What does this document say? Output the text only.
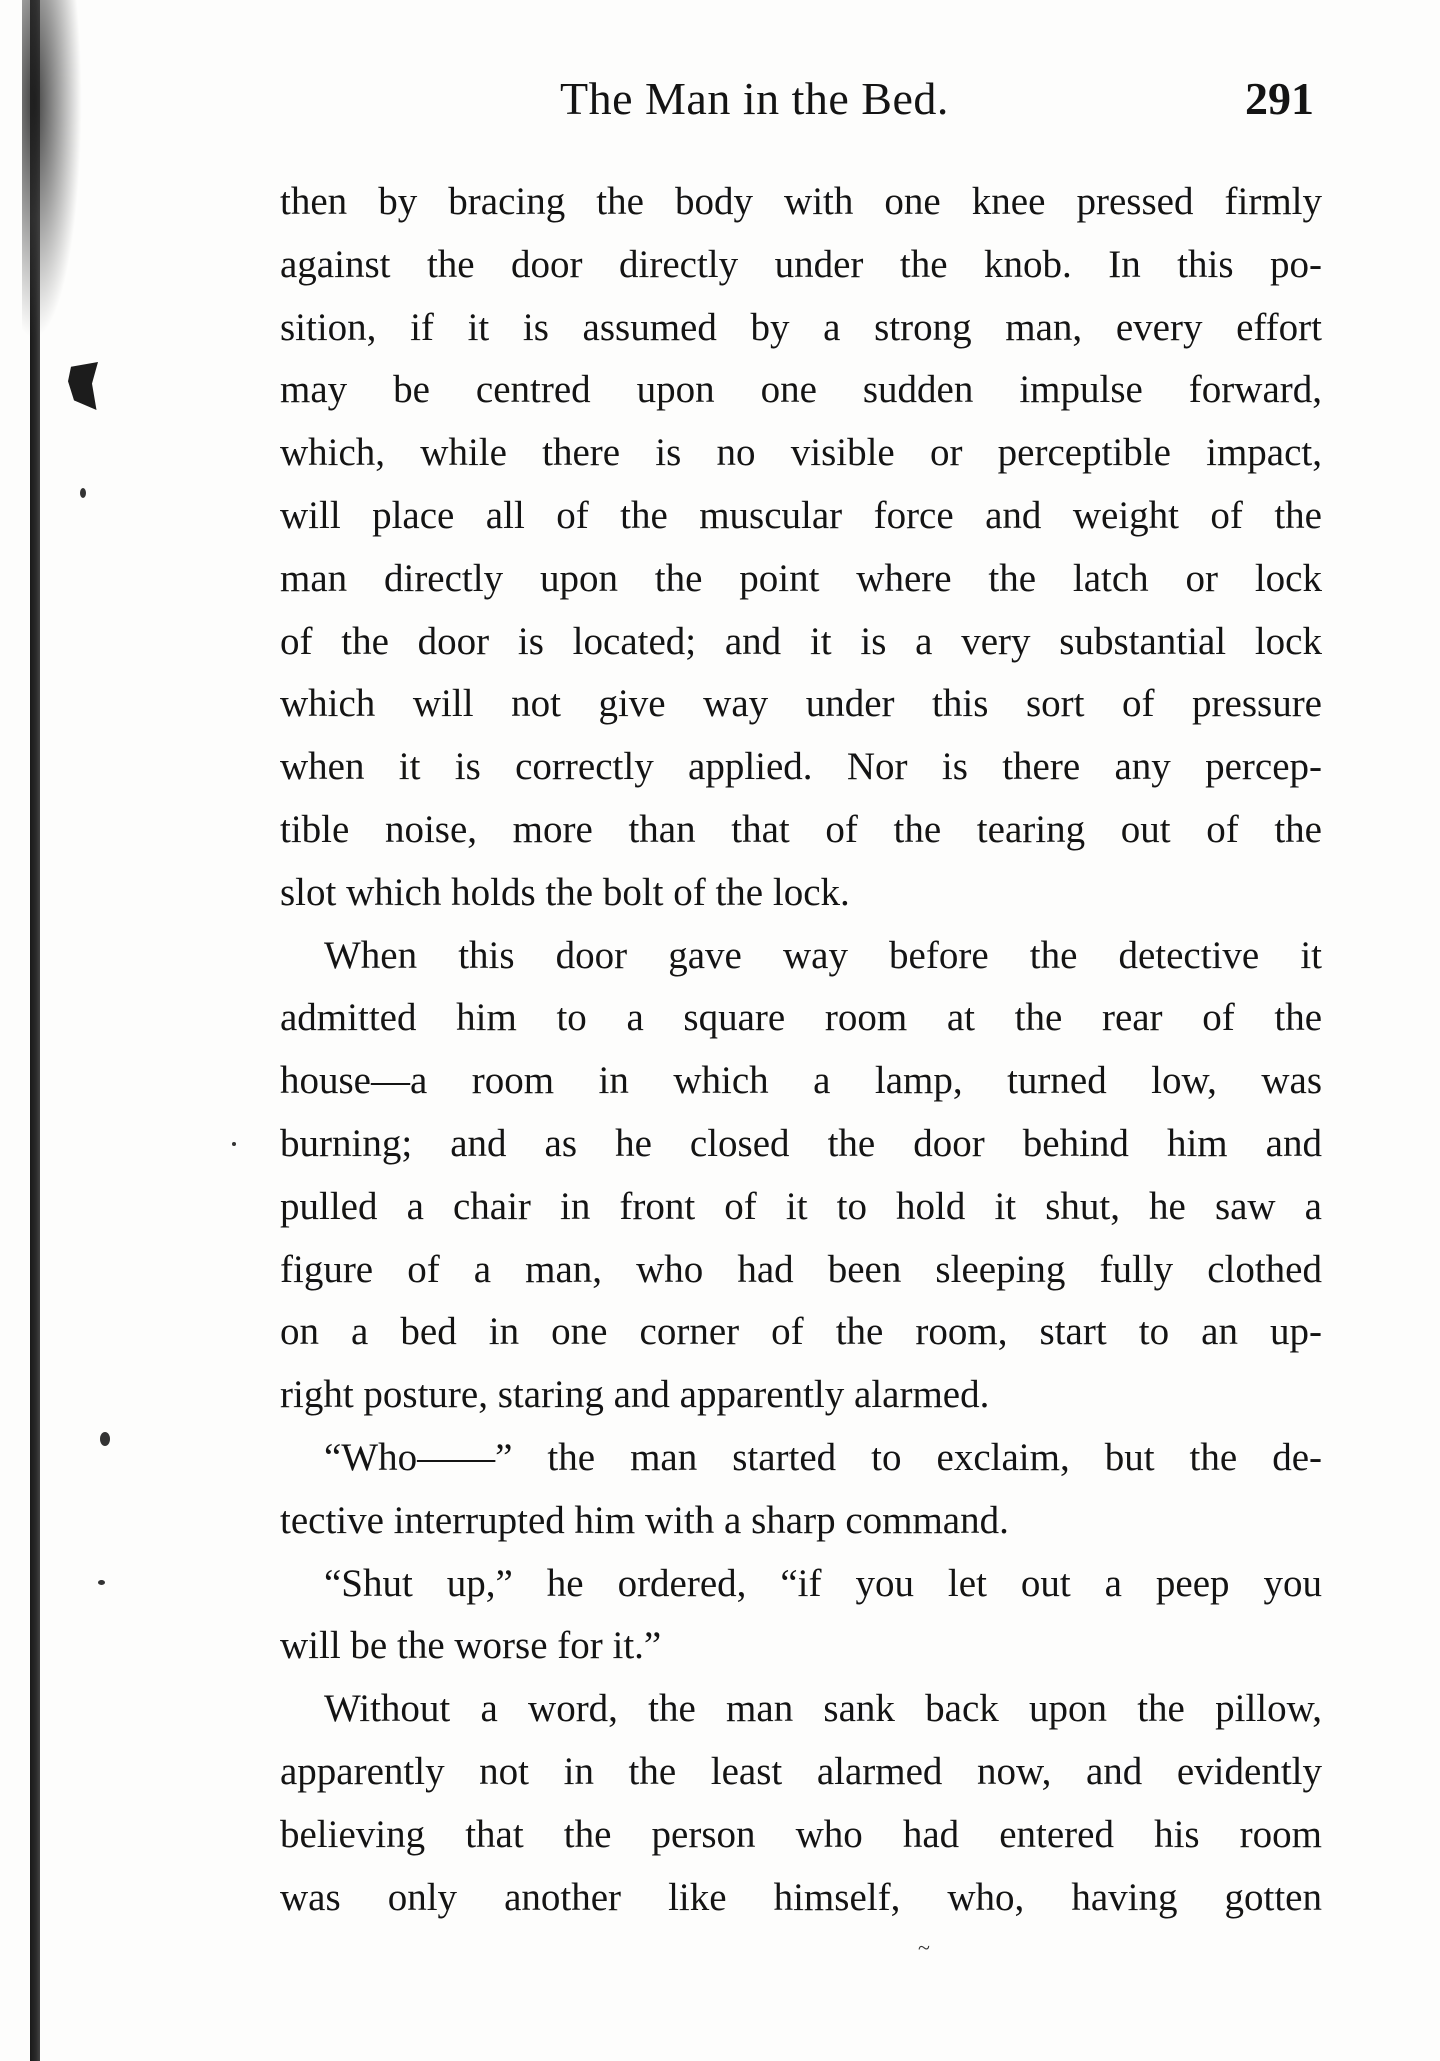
The Man in the Bed.	291
then by bracing the body with one knee pressed firmly
against the door directly under the knob. In this po-
sition, if it is assumed by a strong man, every effort
may be centred upon one sudden impulse forward,
which, while there is no visible or perceptible impact,
will place all of the muscular force and weight of the
man directly upon the point where the latch or lock
of the door is located; and it is a very substantial lock
which will not give way under this sort of pressure
when it is correctly applied. Nor is there any percep-
tible noise, more than that of the tearing out of the
slot which holds the bolt of the lock.
When this door gave way before the detective it
admitted him to a square room at the rear of the
house—a room in which a lamp, turned low, was
burning; and as he closed the door behind him and
pulled a chair in front of it to hold it shut, he saw a
figure of a man, who had been sleeping fully clothed
on a bed in one corner of the room, start to an up-
right posture, staring and apparently alarmed.
“Who——” the man started to exclaim, but the de-
tective interrupted him with a sharp command.
“Shut up,” he ordered, “if you let out a peep you
will be the worse for it.”
Without a word, the man sank back upon the pillow,
apparently not in the least alarmed now, and evidently
believing that the person who had entered his room
was only another like himself, who, having gotten
~
